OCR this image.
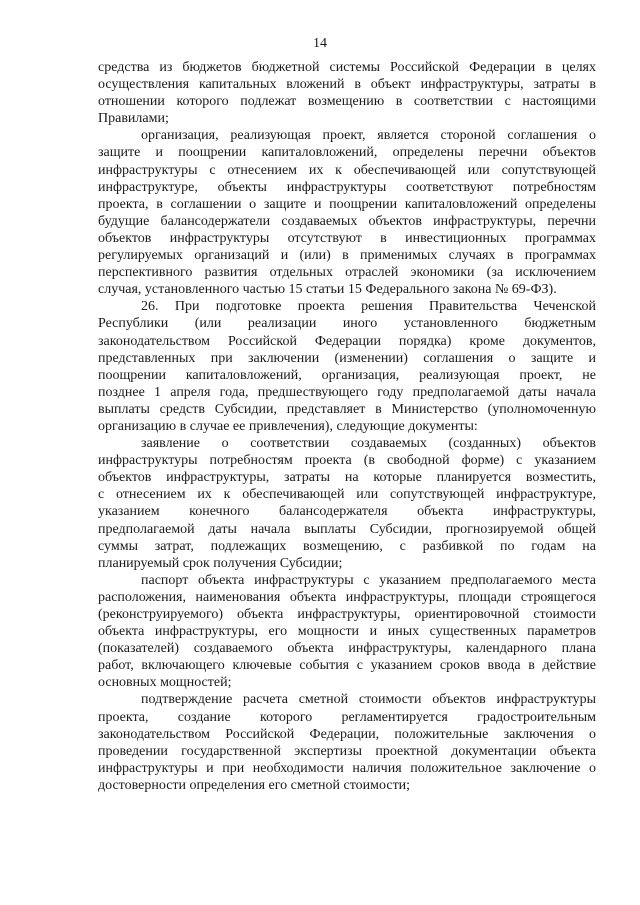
14
средства из бюджетов бюджетной системы Российской Федерации в целях
осуществления капитальных вложений в объект инфраструктуры, затраты в
отношении которого подлежат возмещению в соответствии с настоящими
Правилами;
организация, реализующая проект, является стороной соглашения о
защите и поощрении капиталовложений, определены перечни объектов
инфраструктуры с отнесением их к обеспечивающей или сопутствующей
инфраструктуре, объекты инфраструктуры соответствуют потребностям
проекта, в соглашении о защите и поощрении капиталовложений определены
будущие балансодержатели создаваемых объектов инфраструктуры, перечни
объектов инфраструктуры отсутствуют в инвестиционных программах
регулируемых организаций и (или) в применимых случаях в программах
перспективного развития отдельных отраслей экономики (за исключением
случая, установленного частью 15 статьи 15 Федерального закона № 69-ФЗ).
26. При подготовке проекта решения Правительства Чеченской
Республики (или реализации иного установленного бюджетным
законодательством Российской Федерации порядка) кроме документов,
представленных при заключении (изменении) соглашения о защите и
поощрении капиталовложений, организация, реализующая проект, не
позднее 1 апреля года, предшествующего году предполагаемой даты начала
выплаты средств Субсидии, представляет в Министерство (уполномоченную
организацию в случае ее привлечения), следующие документы:
заявление о соответствии создаваемых (созданных) объектов
инфраструктуры потребностям проекта (в свободной форме) с указанием
объектов инфраструктуры, затраты на которые планируется возместить,
с отнесением их к обеспечивающей или сопутствующей инфраструктуре,
указанием конечного балансодержателя объекта инфраструктуры,
предполагаемой даты начала выплаты Субсидии, прогнозируемой общей
суммы затрат, подлежащих возмещению, с разбивкой по годам на
планируемый срок получения Субсидии;
паспорт объекта инфраструктуры с указанием предполагаемого места
расположения, наименования объекта инфраструктуры, площади строящегося
(реконструируемого) объекта инфраструктуры, ориентировочной стоимости
объекта инфраструктуры, его мощности и иных существенных параметров
(показателей) создаваемого объекта инфраструктуры, календарного плана
работ, включающего ключевые события с указанием сроков ввода в действие
основных мощностей;
подтверждение расчета сметной стоимости объектов инфраструктуры
проекта, создание которого регламентируется градостроительным
законодательством Российской Федерации, положительные заключения о
проведении государственной экспертизы проектной документации объекта
инфраструктуры и при необходимости наличия положительное заключение о
достоверности определения его сметной стоимости;
